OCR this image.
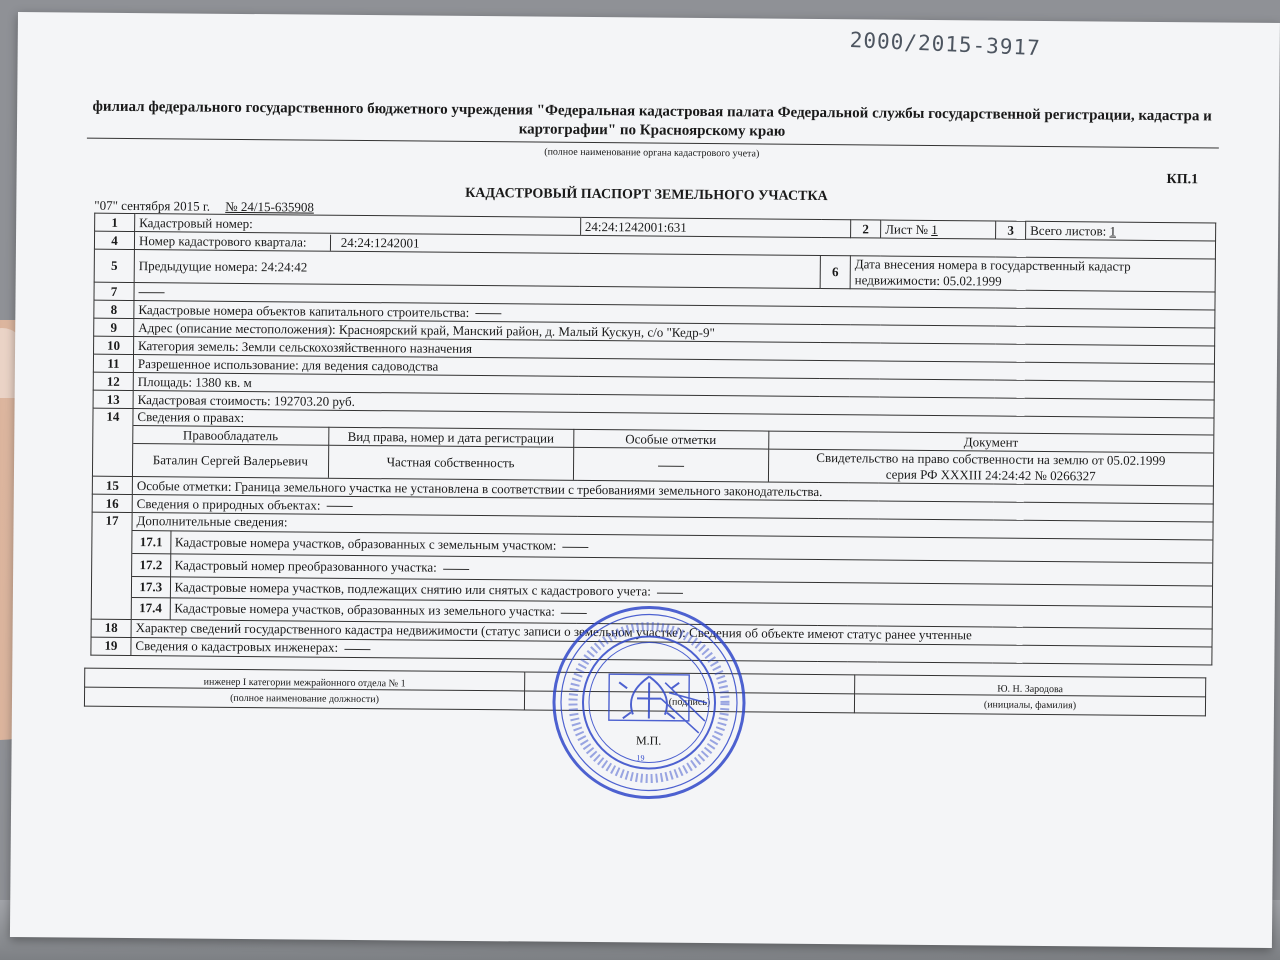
2000/2015-3917
филиал федерального государственного бюджетного учреждения "Федеральная кадастровая палата Федеральной службы государственной регистрации, кадастра и картографии" по Красноярскому краю
(полное наименование органа кадастрового учета)
КП.1
КАДАСТРОВЫЙ ПАСПОРТ ЗЕМЕЛЬНОГО УЧАСТКА
"07" сентября 2015 г. № 24/15-635908
1	Кадастровый номер:	24:24:1242001:631	2	Лист № 1	3	Всего листов: 1
4	Номер кадастрового квартала:	24:24:1242001
5	Предыдущие номера: 24:24:42	6	Дата внесения номера в государственный кадастр недвижимости: 05.02.1999
7	
8	Кадастровые номера объектов капитального строительства:
9	Адрес (описание местоположения): Красноярский край, Манский район, д. Малый Кускун, с/о "Кедр-9"
10	Категория земель: Земли сельскохозяйственного назначения
11	Разрешенное использование: для ведения садоводства
12	Площадь: 1380 кв. м
13	Кадастровая стоимость: 192703.20 руб.
14	Сведения о правах:
Правообладатель	Вид права, номер и дата регистрации	Особые отметки	Документ
Баталин Сергей Валерьевич	Частная собственность		Свидетельство на право собственности на землю от 05.02.1999
серия РФ XXXIII 24:24:42 № 0266327

15	Особые отметки: Граница земельного участка не установлена в соответствии с требованиями земельного законодательства.
16	Сведения о природных объектах:
17	Дополнительные сведения:
17.1	Кадастровые номера участков, образованных с земельным участком:
17.2	Кадастровый номер преобразованного участка:
17.3	Кадастровые номера участков, подлежащих снятию или снятых с кадастрового учета:
17.4	Кадастровые номера участков, образованных из земельного участка:

18	Характер сведений государственного кадастра недвижимости (статус записи о земельном участке): Сведения об объекте имеют статус ранее учтенные
19	Сведения о кадастровых инженерах:
инженер I категории межрайонного отдела № 1		Ю. Н. Зародова
(полное наименование должности)	(подпись)	(инициалы, фамилия)
М.П.
19
